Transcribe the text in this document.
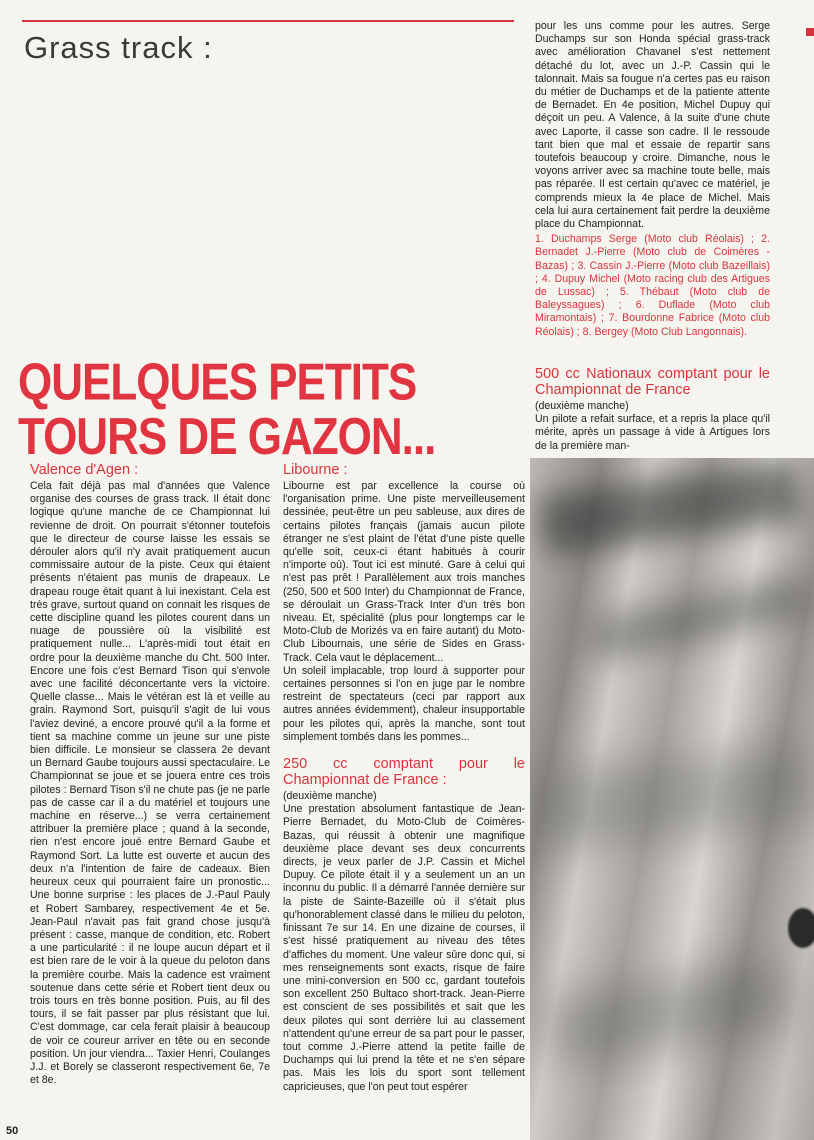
Grass track :
QUELQUES PETITS TOURS DE GAZON...
Valence d'Agen :

Cela fait déjà pas mal d'années que Valence organise des courses de grass track. Il était donc logique qu'une manche de ce Championnat lui revienne de droit. On pourrait s'étonner toutefois que le directeur de course laisse les essais se dérouler alors qu'il n'y avait pratiquement aucun commissaire autour de la piste. Ceux qui étaient présents n'étaient pas munis de drapeaux. Le drapeau rouge était quant à lui inexistant. Cela est très grave, surtout quand on connait les risques de cette discipline quand les pilotes courent dans un nuage de poussière où la visibilité est pratiquement nulle... L'après-midi tout était en ordre pour la deuxième manche du Cht. 500 Inter. Encore une fois c'est Bernard Tison qui s'envole avec une facilité déconcertante vers la victoire. Quelle classe... Mais le vétéran est là et veille au grain. Raymond Sort, puisqu'il s'agit de lui vous l'aviez deviné, a encore prouvé qu'il a la forme et tient sa machine comme un jeune sur une piste bien difficile. Le monsieur se classera 2e devant un Bernard Gaube toujours aussi spectaculaire. Le Championnat se joue et se jouera entre ces trois pilotes : Bernard Tison s'il ne chute pas (je ne parle pas de casse car il a du matériel et toujours une machine en réserve...) se verra certainement attribuer la première place ; quand à la seconde, rien n'est encore joué entre Bernard Gaube et Raymond Sort. La lutte est ouverte et aucun des deux n'a l'intention de faire de cadeaux. Bien heureux ceux qui pourraient faire un pronostic... Une bonne surprise : les places de J.-Paul Pauly et Robert Sambarey, respectivement 4e et 5e. Jean-Paul n'avait pas fait grand chose jusqu'à présent : casse, manque de condition, etc. Robert a une particularité : il ne loupe aucun départ et il est bien rare de le voir à la queue du peloton dans la première courbe. Mais la cadence est vraiment soutenue dans cette série et Robert tient deux ou trois tours en très bonne position. Puis, au fil des tours, il se fait passer par plus résistant que lui. C'est dommage, car cela ferait plaisir à beaucoup de voir ce coureur arriver en tête ou en seconde position. Un jour viendra... Taxier Henri, Coulanges J.J. et Borely se classeront respectivement 6e, 7e et 8e.

Libourne :

Libourne est par excellence la course où l'organisation prime. Une piste merveilleusement dessinée, peut-être un peu sableuse, aux dires de certains pilotes français (jamais aucun pilote étranger ne s'est plaint de l'état d'une piste quelle qu'elle soit, ceux-ci étant habitués à courir n'importe où). Tout ici est minuté. Gare à celui qui n'est pas prêt ! Parallèlement aux trois manches (250, 500 et 500 Inter) du Championnat de France, se déroulait un Grass-Track Inter d'un très bon niveau. Et, spécialité (plus pour longtemps car le Moto-Club de Morizés va en faire autant) du Moto-Club Libournais, une série de Sides en Grass-Track. Cela vaut le déplacement...

Un soleil implacable, trop lourd à supporter pour certaines personnes si l'on en juge par le nombre restreint de spectateurs (ceci par rapport aux autres années évidemment), chaleur insupportable pour les pilotes qui, après la manche, sont tout simplement tombés dans les pommes...

250 cc comptant pour le Championnat de France :

(deuxième manche)

Une prestation absolument fantastique de Jean-Pierre Bernadet, du Moto-Club de Coimères-Bazas, qui réussit à obtenir une magnifique deuxième place devant ses deux concurrents directs, je veux parler de J.P. Cassin et Michel Dupuy. Ce pilote était il y a seulement un an un inconnu du public. Il a démarré l'année dernière sur la piste de Sainte-Bazeille où il s'était plus qu'honorablement classé dans le milieu du peloton, finissant 7e sur 14. En une dizaine de courses, il s'est hissé pratiquement au niveau des têtes d'affiches du moment. Une valeur sûre donc qui, si mes renseignements sont exacts, risque de faire une mini-conversion en 500 cc, gardant toutefois son excellent 250 Bultaco short-track. Jean-Pierre est conscient de ses possibilités et sait que les deux pilotes qui sont derrière lui au classement n'attendent qu'une erreur de sa part pour le passer, tout comme J.-Pierre attend la petite faille de Duchamps qui lui prend la tête et ne s'en sépare pas. Mais les lois du sport sont tellement capricieuses, que l'on peut tout espérer

pour les uns comme pour les autres. Serge Duchamps sur son Honda spécial grass-track avec amélioration Chavanel s'est nettement détaché du lot, avec un J.-P. Cassin qui le talonnait. Mais sa fougue n'a certes pas eu raison du métier de Duchamps et de la patiente attente de Bernadet. En 4e position, Michel Dupuy qui déçoit un peu. A Valence, à la suite d'une chute avec Laporte, il casse son cadre. Il le ressoude tant bien que mal et essaie de repartir sans toutefois beaucoup y croire. Dimanche, nous le voyons arriver avec sa machine toute belle, mais pas réparée. Il est certain qu'avec ce matériel, je comprends mieux la 4e place de Michel. Mais cela lui aura certainement fait perdre la deuxième place du Championnat.

1. Duchamps Serge (Moto club Réolais) ; 2. Bernadet J.-Pierre (Moto club de Coimères - Bazas) ; 3. Cassin J.-Pierre (Moto club Bazeillais) ; 4. Dupuy Michel (Moto racing club des Artigues de Lussac) ; 5. Thébaut (Moto club de Baleyssagues) ; 6. Duflade (Moto club Miramontais) ; 7. Bourdonne Fabrice (Moto club Réolais) ; 8. Bergey (Moto Club Langonnais).

500 cc Nationaux comptant pour le Championnat de France

(deuxième manche)

Un pilote a refait surface, et a repris la place qu'il mérite, après un passage à vide à Artigues lors de la première man-

50
